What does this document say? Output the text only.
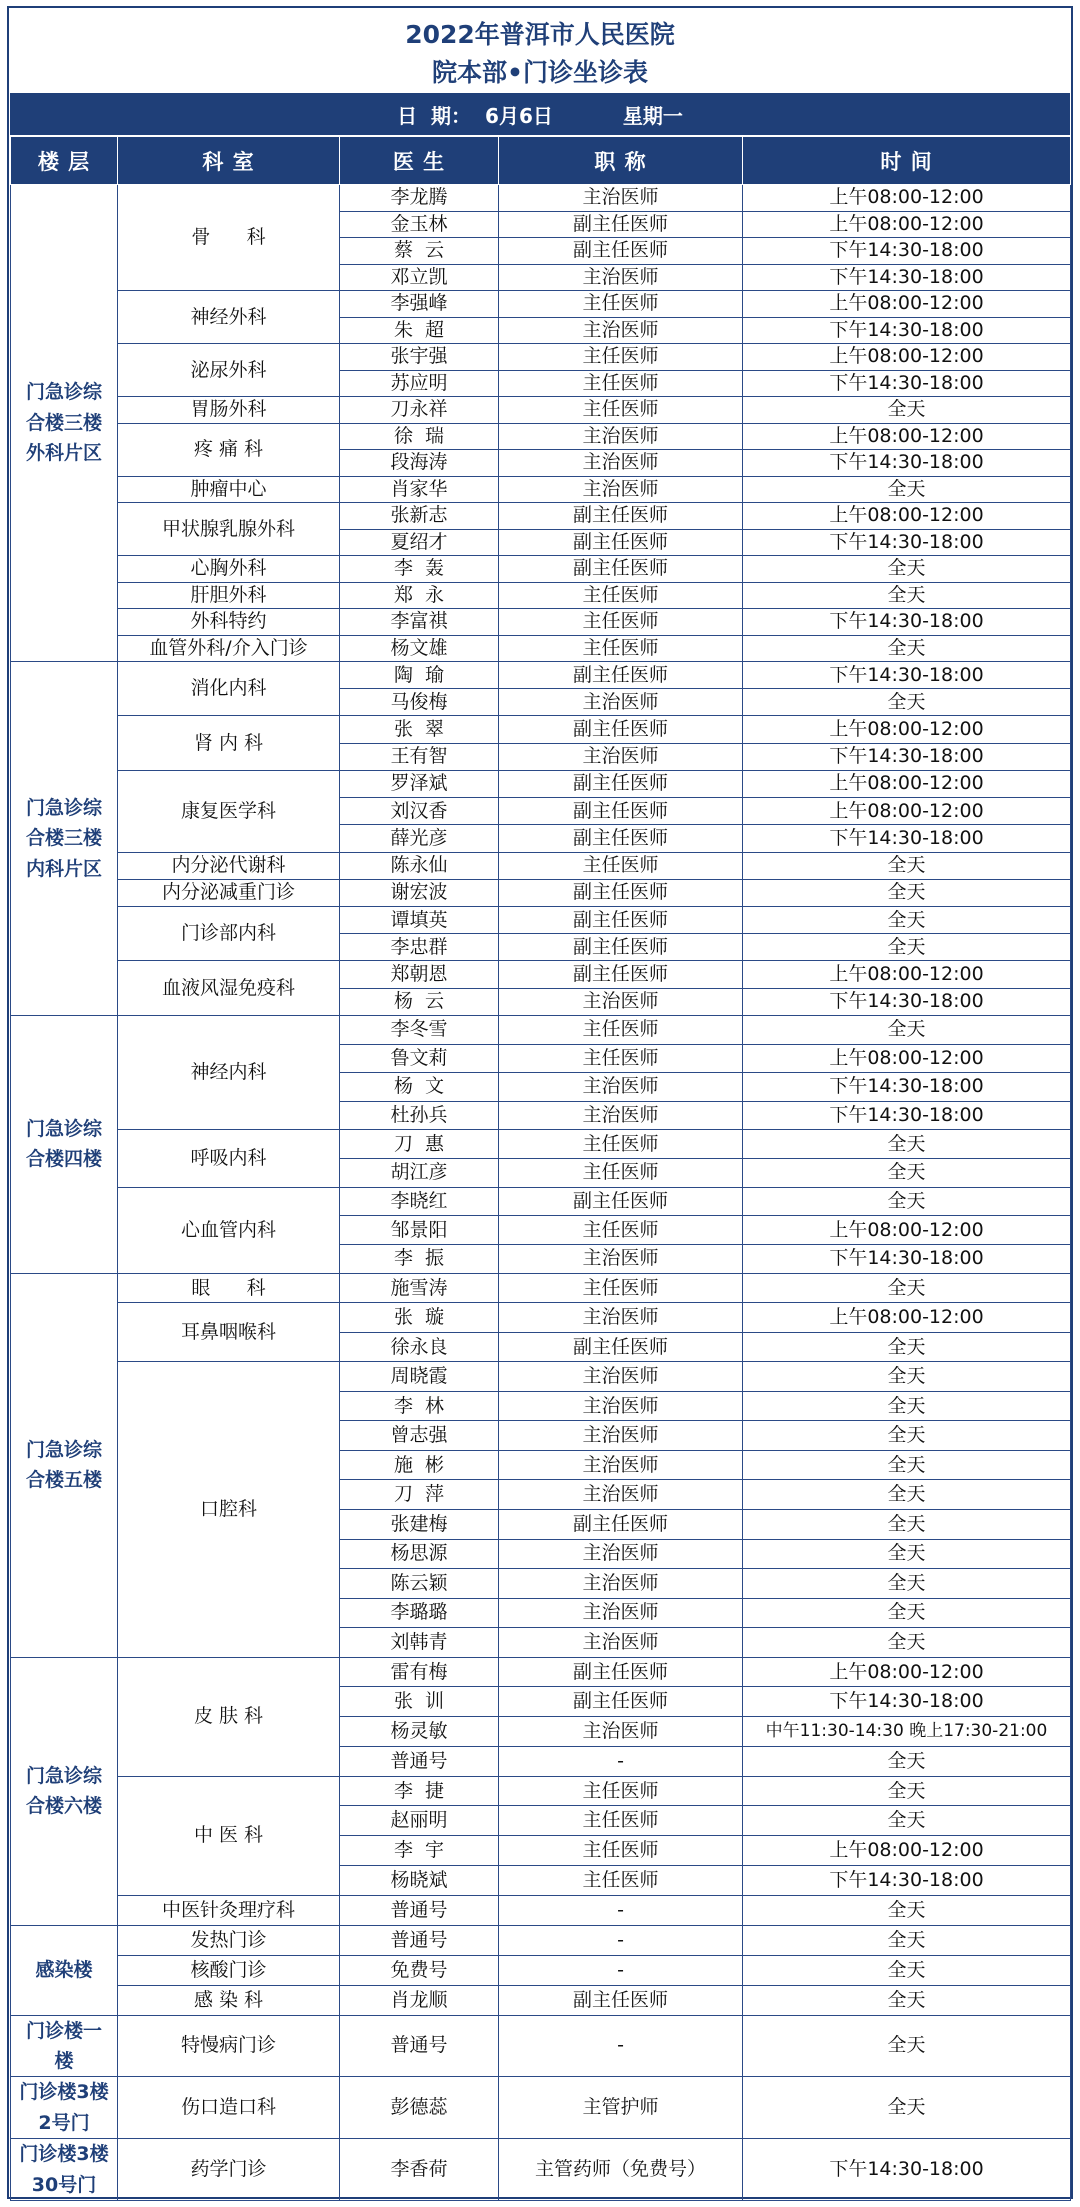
2022年普洱市人民医院
院本部•门诊坐诊表
日  期： 6月6日	星期一
楼 层	科 室	医 生	职 称	时 间
门急诊综
合楼三楼
外科片区	骨      科	李龙腾	主治医师	上午08:00-12:00
		金玉林	副主任医师	上午08:00-12:00
		蔡  云	副主任医师	下午14:30-18:00
		邓立凯	主治医师	下午14:30-18:00
	神经外科	李强峰	主任医师	上午08:00-12:00
		朱  超	主治医师	下午14:30-18:00
	泌尿外科	张宇强	主任医师	上午08:00-12:00
		苏应明	主任医师	下午14:30-18:00
	胃肠外科	刀永祥	主任医师	全天
	疼 痛 科	徐  瑞	主治医师	上午08:00-12:00
		段海涛	主治医师	下午14:30-18:00
	肿瘤中心	肖家华	主治医师	全天
	甲状腺乳腺外科	张新志	副主任医师	上午08:00-12:00
		夏绍才	副主任医师	下午14:30-18:00
	心胸外科	李  轰	副主任医师	全天
	肝胆外科	郑  永	主任医师	全天
	外科特约	李富祺	主任医师	下午14:30-18:00
	血管外科/介入门诊	杨文雄	主任医师	全天
门急诊综
合楼三楼
内科片区	消化内科	陶  瑜	副主任医师	下午14:30-18:00
		马俊梅	主治医师	全天
	肾 内 科	张  翠	副主任医师	上午08:00-12:00
		王有智	主治医师	下午14:30-18:00
	康复医学科	罗泽斌	副主任医师	上午08:00-12:00
		刘汉香	副主任医师	上午08:00-12:00
		薛光彦	副主任医师	下午14:30-18:00
	内分泌代谢科	陈永仙	主任医师	全天
	内分泌减重门诊	谢宏波	副主任医师	全天
	门诊部内科	谭填英	副主任医师	全天
		李忠群	副主任医师	全天
	血液风湿免疫科	郑朝恩	副主任医师	上午08:00-12:00
		杨  云	主治医师	下午14:30-18:00
门急诊综
合楼四楼	神经内科	李冬雪	主任医师	全天
		鲁文莉	主任医师	上午08:00-12:00
		杨  文	主治医师	下午14:30-18:00
		杜孙兵	主治医师	下午14:30-18:00
	呼吸内科	刀  惠	主任医师	全天
		胡江彦	主任医师	全天
	心血管内科	李晓红	副主任医师	全天
		邹景阳	主任医师	上午08:00-12:00
		李  振	主治医师	下午14:30-18:00
门急诊综
合楼五楼	眼      科	施雪涛	主任医师	全天
	耳鼻咽喉科	张  璇	主治医师	上午08:00-12:00
		徐永良	副主任医师	全天
	口腔科	周晓霞	主治医师	全天
		李  林	主治医师	全天
		曾志强	主治医师	全天
		施  彬	主治医师	全天
		刀  萍	主治医师	全天
		张建梅	副主任医师	全天
		杨思源	主治医师	全天
		陈云颖	主治医师	全天
		李璐璐	主治医师	全天
		刘韩青	主治医师	全天
门急诊综
合楼六楼	皮 肤 科	雷有梅	副主任医师	上午08:00-12:00
		张  训	副主任医师	下午14:30-18:00
		杨灵敏	主治医师	中午11:30-14:30 晚上17:30-21:00
		普通号	-	全天
	中 医 科	李  捷	主任医师	全天
		赵丽明	主任医师	全天
		李  宇	主任医师	上午08:00-12:00
		杨晓斌	主任医师	下午14:30-18:00
	中医针灸理疗科	普通号	-	全天
感染楼	发热门诊	普通号	-	全天
	核酸门诊	免费号	-	全天
	感 染 科	肖龙顺	副主任医师	全天
门诊楼一
楼	特慢病门诊	普通号	-	全天
门诊楼3楼
2号门	伤口造口科	彭德蕊	主管护师	全天
门诊楼3楼
30号门	药学门诊	李香荷	主管药师（免费号）	下午14:30-18:00
